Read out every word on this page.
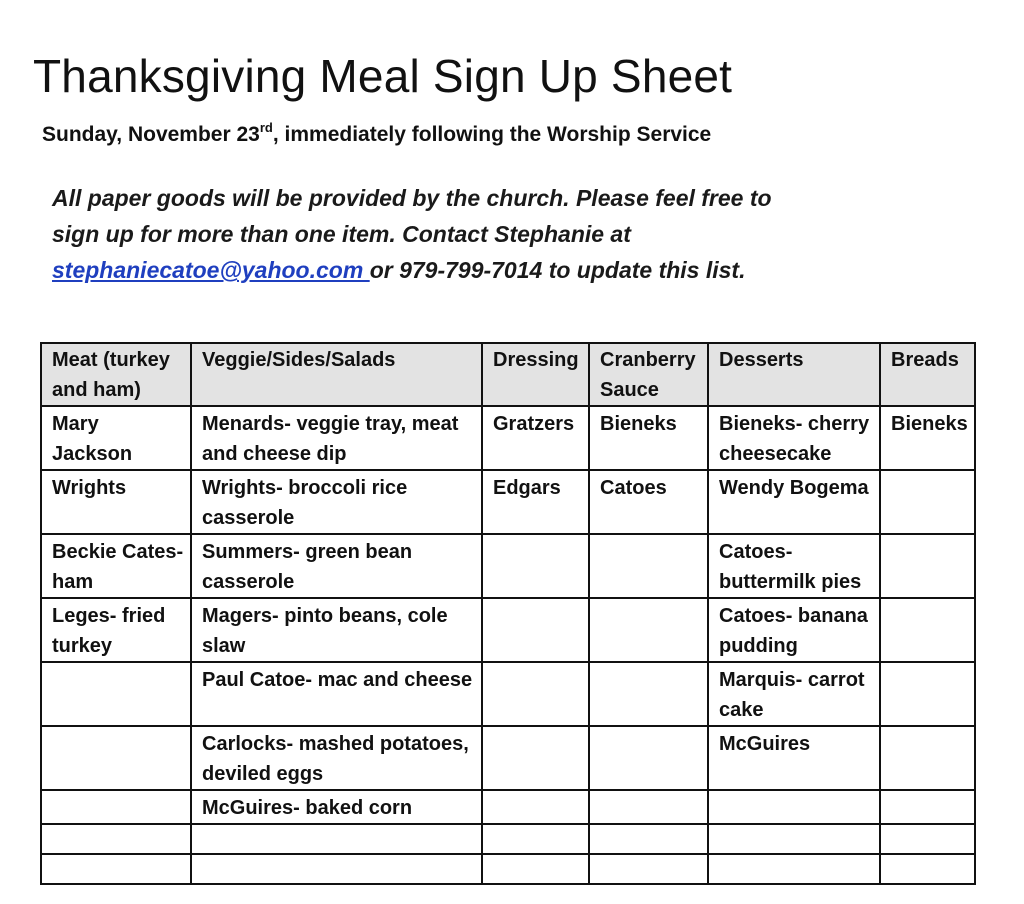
Thanksgiving Meal Sign Up Sheet
Sunday, November 23rd, immediately following the Worship Service
All paper goods will be provided by the church. Please feel free to
sign up for more than one item. Contact Stephanie at
stephaniecatoe@yahoo.com or 979-799-7014 to update this list.
Meat (turkey and ham)	Veggie/Sides/Salads	Dressing	Cranberry Sauce	Desserts	Breads
Mary Jackson	Menards- veggie tray, meat and cheese dip	Gratzers	Bieneks	Bieneks- cherry cheesecake	Bieneks
Wrights	Wrights- broccoli rice casserole	Edgars	Catoes	Wendy Bogema	
Beckie Cates- ham	Summers- green bean casserole			Catoes- buttermilk pies	
Leges- fried turkey	Magers- pinto beans, cole slaw			Catoes- banana pudding	
	Paul Catoe- mac and cheese			Marquis- carrot cake	
	Carlocks- mashed potatoes, deviled eggs			McGuires	
	McGuires- baked corn				
